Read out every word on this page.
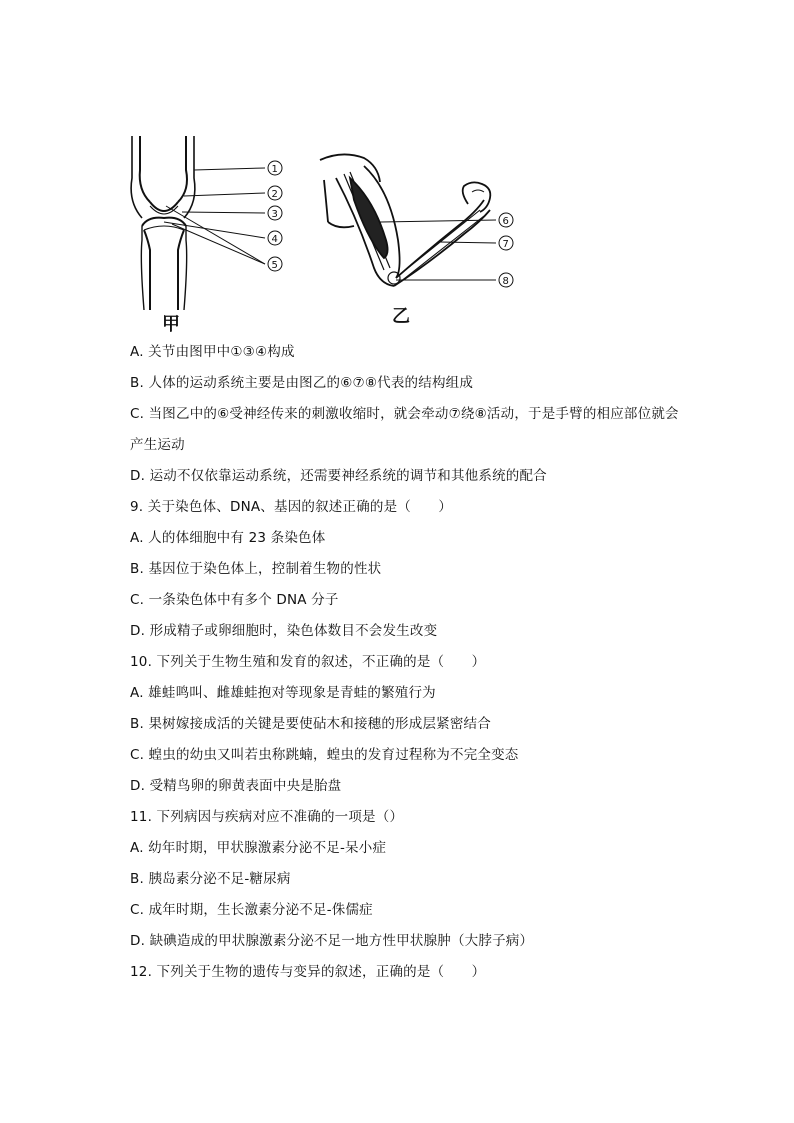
1
2
3
4
5
6
7
8
甲	乙
A. 关节由图甲中①③④构成
B. 人体的运动系统主要是由图乙的⑥⑦⑧代表的结构组成
C. 当图乙中的⑥受神经传来的刺激收缩时，就会牵动⑦绕⑧活动，于是手臂的相应部位就会
产生运动
D. 运动不仅依靠运动系统，还需要神经系统的调节和其他系统的配合
9. 关于染色体、DNA、基因的叙述正确的是（　　）
A. 人的体细胞中有 23 条染色体
B. 基因位于染色体上，控制着生物的性状
C. 一条染色体中有多个 DNA 分子
D. 形成精子或卵细胞时，染色体数目不会发生改变
10. 下列关于生物生殖和发育的叙述，不正确的是（　　）
A. 雄蛙鸣叫、雌雄蛙抱对等现象是青蛙的繁殖行为
B. 果树嫁接成活的关键是要使砧木和接穗的形成层紧密结合
C. 蝗虫的幼虫又叫若虫称跳蝻，蝗虫的发育过程称为不完全变态
D. 受精鸟卵的卵黄表面中央是胎盘
11. 下列病因与疾病对应不准确的一项是（）
A. 幼年时期，甲状腺激素分泌不足-呆小症
B. 胰岛素分泌不足-糖尿病
C. 成年时期，生长激素分泌不足-侏儒症
D. 缺碘造成的甲状腺激素分泌不足一地方性甲状腺肿（大脖子病）
12. 下列关于生物的遗传与变异的叙述，正确的是（　　）
